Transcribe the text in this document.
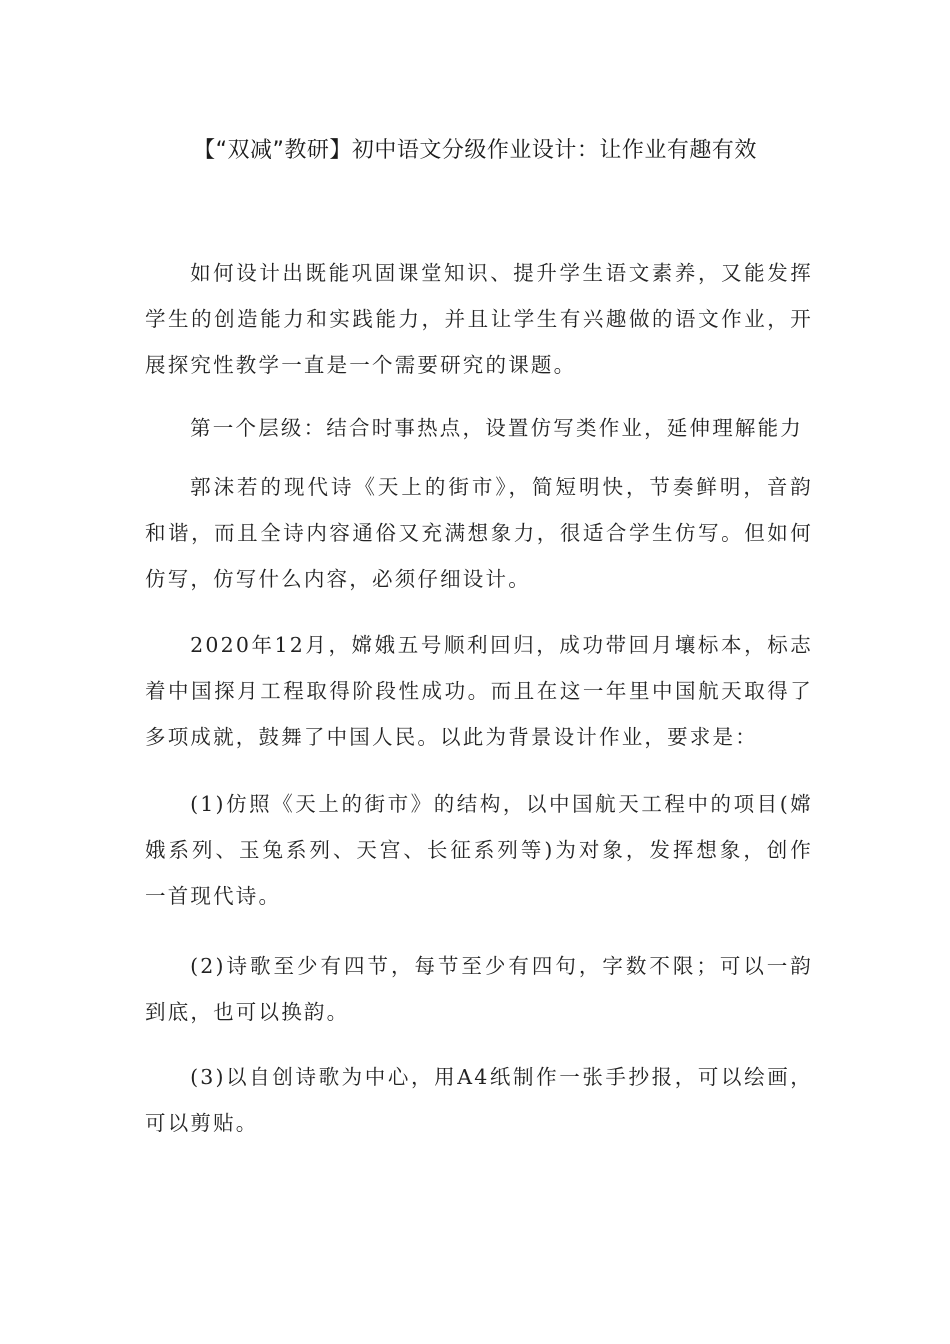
【“双减”教研】初中语文分级作业设计：让作业有趣有效

如何设计出既能巩固课堂知识、提升学生语文素养，又能发挥学生的创造能力和实践能力，并且让学生有兴趣做的语文作业，开展探究性教学一直是一个需要研究的课题。

第一个层级：结合时事热点，设置仿写类作业，延伸理解能力

郭沫若的现代诗《天上的街市》，简短明快，节奏鲜明，音韵和谐，而且全诗内容通俗又充满想象力，很适合学生仿写。但如何仿写，仿写什么内容，必须仔细设计。

2020年12月，嫦娥五号顺利回归，成功带回月壤标本，标志着中国探月工程取得阶段性成功。而且在这一年里中国航天取得了多项成就，鼓舞了中国人民。以此为背景设计作业，要求是：

(1)仿照《天上的街市》的结构，以中国航天工程中的项目(嫦娥系列、玉兔系列、天宫、长征系列等)为对象，发挥想象，创作一首现代诗。

(2)诗歌至少有四节，每节至少有四句，字数不限；可以一韵到底，也可以换韵。

(3)以自创诗歌为中心，用A4纸制作一张手抄报，可以绘画，可以剪贴。
